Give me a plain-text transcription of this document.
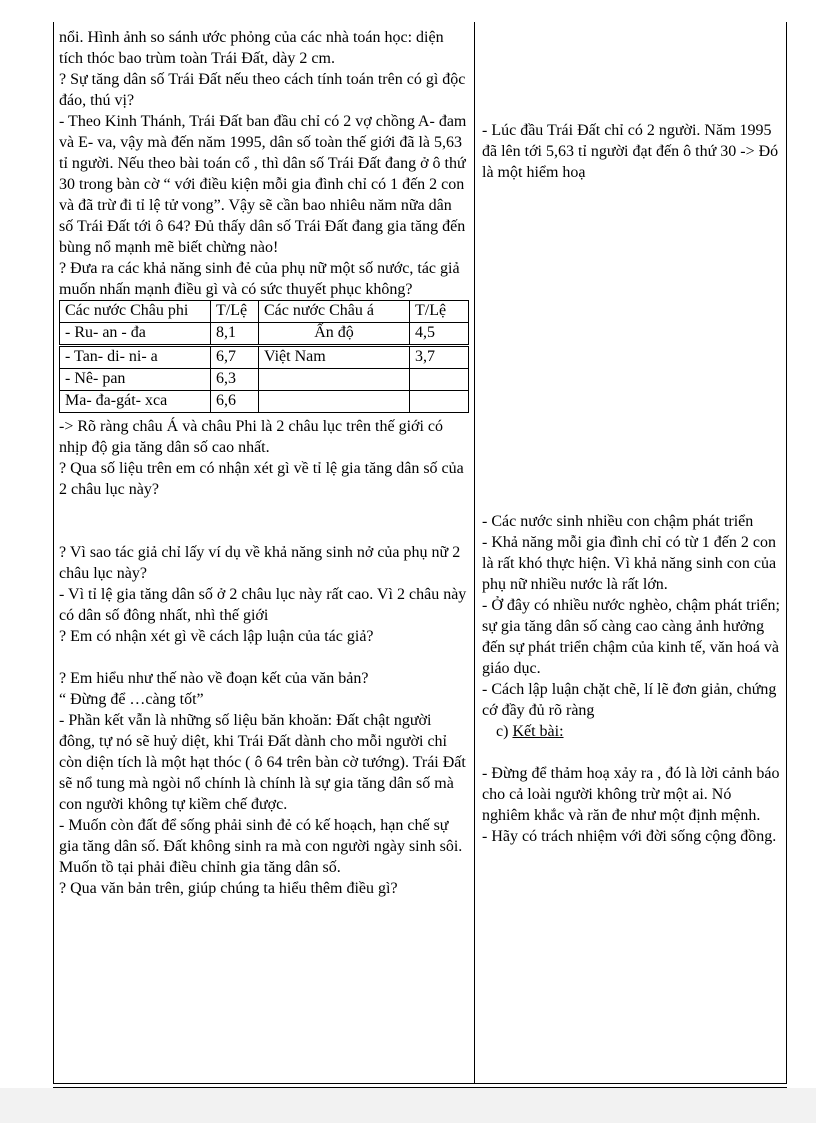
nổi. Hình ảnh so sánh ước phỏng của các nhà toán học: diện tích thóc bao trùm toàn Trái Đất, dày 2 cm.

? Sự tăng dân số Trái Đất nếu theo cách tính toán trên có gì độc đáo, thú vị?

- Theo Kinh Thánh, Trái Đất ban đầu chỉ có 2 vợ chồng A- đam và E- va, vậy mà đến năm 1995, dân số toàn thế giới đã là 5,63 tỉ người. Nếu theo bài toán cổ , thì dân số Trái Đất đang ở ô thứ 30 trong bàn cờ “ với điều kiện mỗi gia đình chỉ có 1 đến 2 con và đã trừ đi tỉ lệ tử vong”. Vậy sẽ cần bao nhiêu năm nữa dân số Trái Đất tới ô 64? Đủ thấy dân số Trái Đất đang gia tăng đến bùng nổ mạnh mẽ biết chừng nào!

? Đưa ra các khả năng sinh đẻ của phụ nữ một số nước, tác giả muốn nhấn mạnh điều gì và có sức thuyết phục không?

Các nước Châu phi	T/Lệ	Các nước Châu á	T/Lệ
- Ru- an - đa	8,1	Ấn độ	4,5
- Tan- di- ni- a	6,7	Việt Nam	3,7
- Nê- pan	6,3		
Ma- đa-gát- xca	6,6		

-> Rõ ràng châu Á và châu Phi là 2 châu lục trên thế giới có nhịp độ gia tăng dân số cao nhất.

? Qua số liệu trên em có nhận xét gì về tỉ lệ gia tăng dân số của 2 châu lục này?

? Vì sao tác giả chỉ lấy ví dụ về khả năng sinh nở của phụ nữ 2 châu lục này?

- Vì tỉ lệ gia tăng dân số ở 2 châu lục này rất cao. Vì 2 châu này có dân số đông nhất, nhì thế giới

? Em có nhận xét gì về cách lập luận của tác giả?

? Em hiểu như thế nào về đoạn kết của văn bản?

“ Đừng để …càng tốt”

- Phần kết vẫn là những số liệu băn khoăn: Đất chật người đông, tự nó sẽ huỷ diệt, khi Trái Đất dành cho mỗi người chỉ còn diện tích là một hạt thóc ( ô 64 trên bàn cờ tướng). Trái Đất sẽ nổ tung mà ngòi nổ chính là chính là sự gia tăng dân số mà con người không tự kiềm chế được.

- Muốn còn đất để sống phải sinh đẻ có kế hoạch, hạn chế sự gia tăng dân số. Đất không sinh ra mà con người ngày sinh sôi. Muốn tồ tại phải điều chỉnh gia tăng dân số.

? Qua văn bản trên, giúp chúng ta hiểu thêm điều gì?

- Lúc đầu Trái Đất chỉ có 2 người. Năm 1995 đã lên tới 5,63 tỉ người đạt đến ô thứ 30 -> Đó là một hiểm hoạ

- Các nước sinh nhiều con chậm phát triển

- Khả năng mỗi gia đình chỉ có từ 1 đến 2 con là rất khó thực hiện. Vì khả năng sinh con của phụ nữ nhiều nước là rất lớn.

- Ở đây có nhiều nước nghèo, chậm phát triển; sự gia tăng dân số càng cao càng ảnh hưởng đến sự phát triển chậm của kinh tế, văn hoá và giáo dục.

- Cách lập luận chặt chẽ, lí lẽ đơn giản, chứng cớ đầy đủ rõ ràng

c) Kết bài:

- Đừng để thảm hoạ xảy ra , đó là lời cảnh báo cho cả loài người không trừ một ai. Nó nghiêm khắc và răn đe như một định mệnh.

- Hãy có trách nhiệm với đời sống cộng đồng.
